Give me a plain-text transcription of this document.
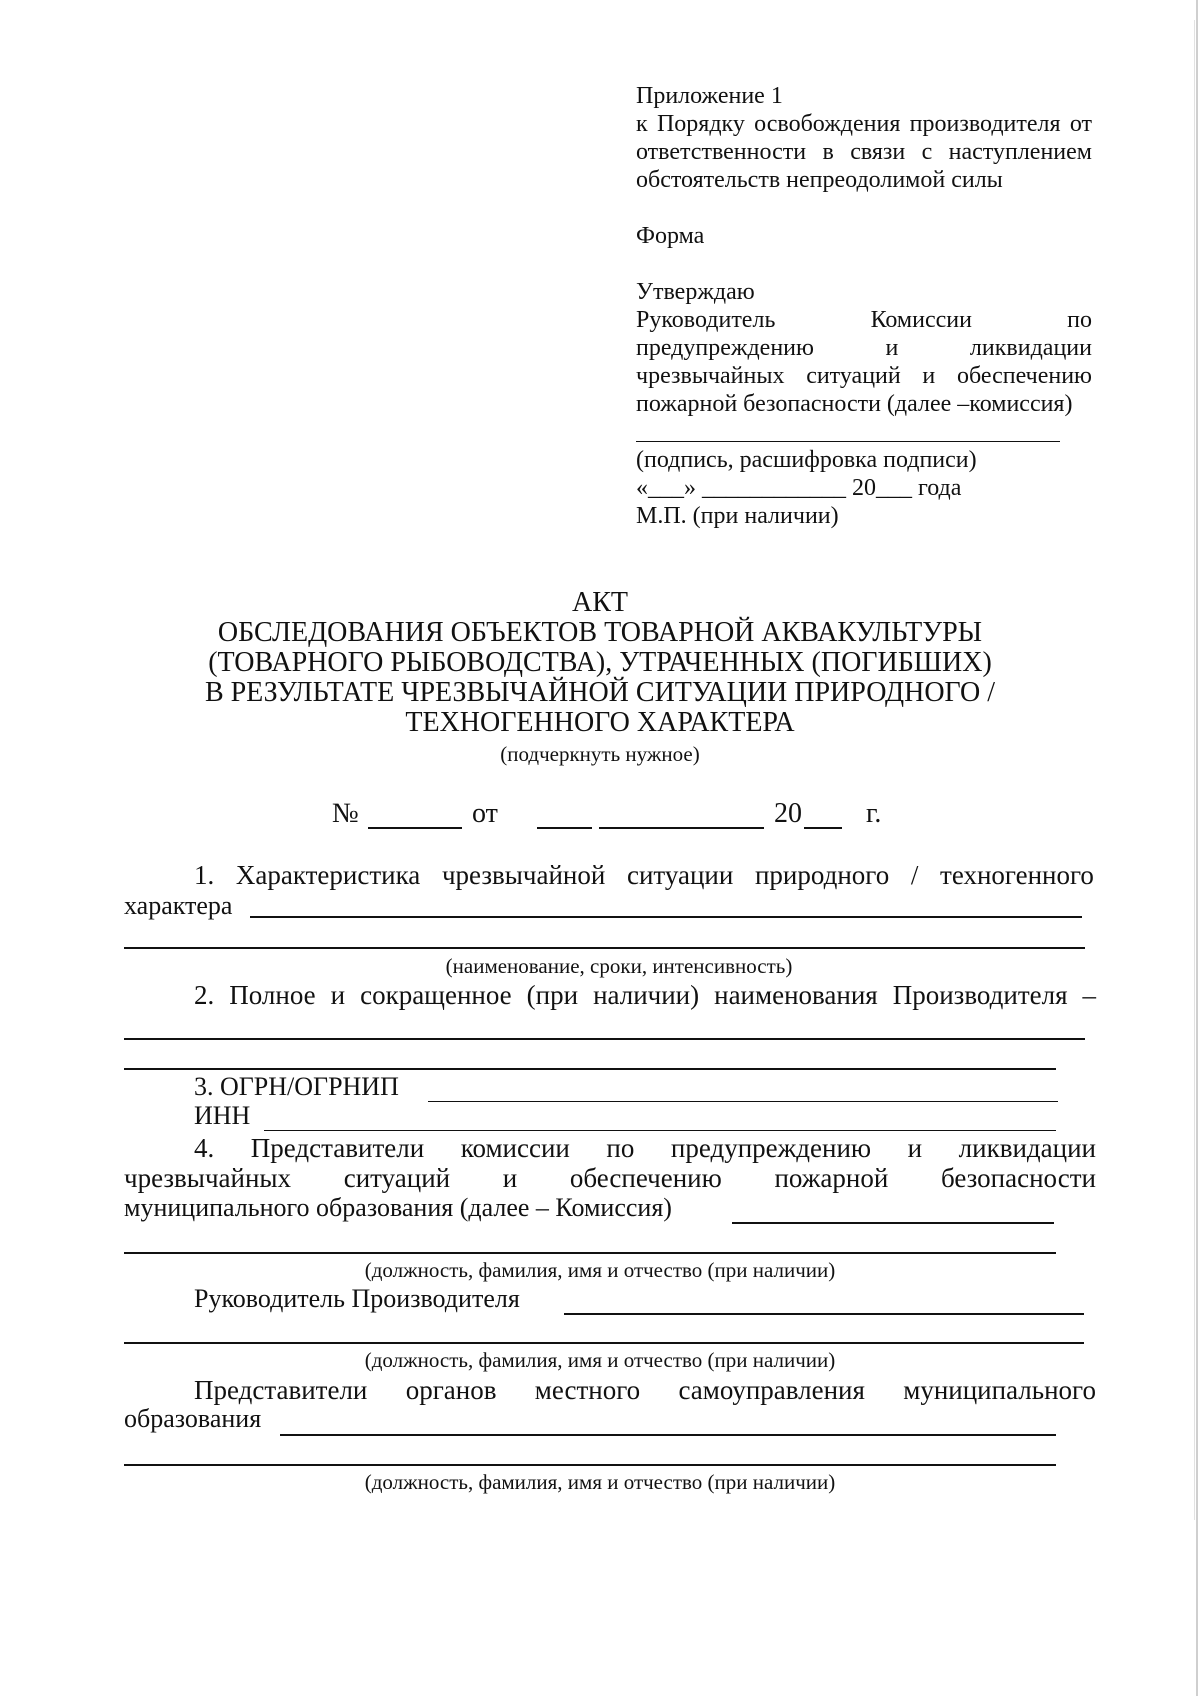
Приложение 1
к Порядку освобождения производителя от
ответственности в связи с наступлением
обстоятельств непреодолимой силы
Форма
Утверждаю
Руководитель	Комиссии	по
предупреждению	и	ликвидации
чрезвычайных ситуаций и обеспечению
пожарной безопасности (далее –комиссия)
(подпись, расшифровка подписи)
«___» ____________ 20___ года
М.П. (при наличии)
АКТ
ОБСЛЕДОВАНИЯ ОБЪЕКТОВ ТОВАРНОЙ АКВАКУЛЬТУРЫ
(ТОВАРНОГО РЫБОВОДСТВА), УТРАЧЕННЫХ (ПОГИБШИХ)
В РЕЗУЛЬТАТЕ ЧРЕЗВЫЧАЙНОЙ СИТУАЦИИ ПРИРОДНОГО /
ТЕХНОГЕННОГО ХАРАКТЕРА
(подчеркнуть нужное)
№	от	20 г.
1. Характеристика чрезвычайной ситуации природного / техногенного
характера
(наименование, сроки, интенсивность)
2. Полное и сокращенное (при наличии) наименования Производителя –
3. ОГРН/ОГРНИП
ИНН
4. Представители комиссии по предупреждению и ликвидации
чрезвычайных ситуаций и обеспечению пожарной безопасности
муниципального образования (далее – Комиссия)
(должность, фамилия, имя и отчество (при наличии)
Руководитель Производителя
(должность, фамилия, имя и отчество (при наличии)
Представители органов местного самоуправления муниципального
образования
(должность, фамилия, имя и отчество (при наличии)
